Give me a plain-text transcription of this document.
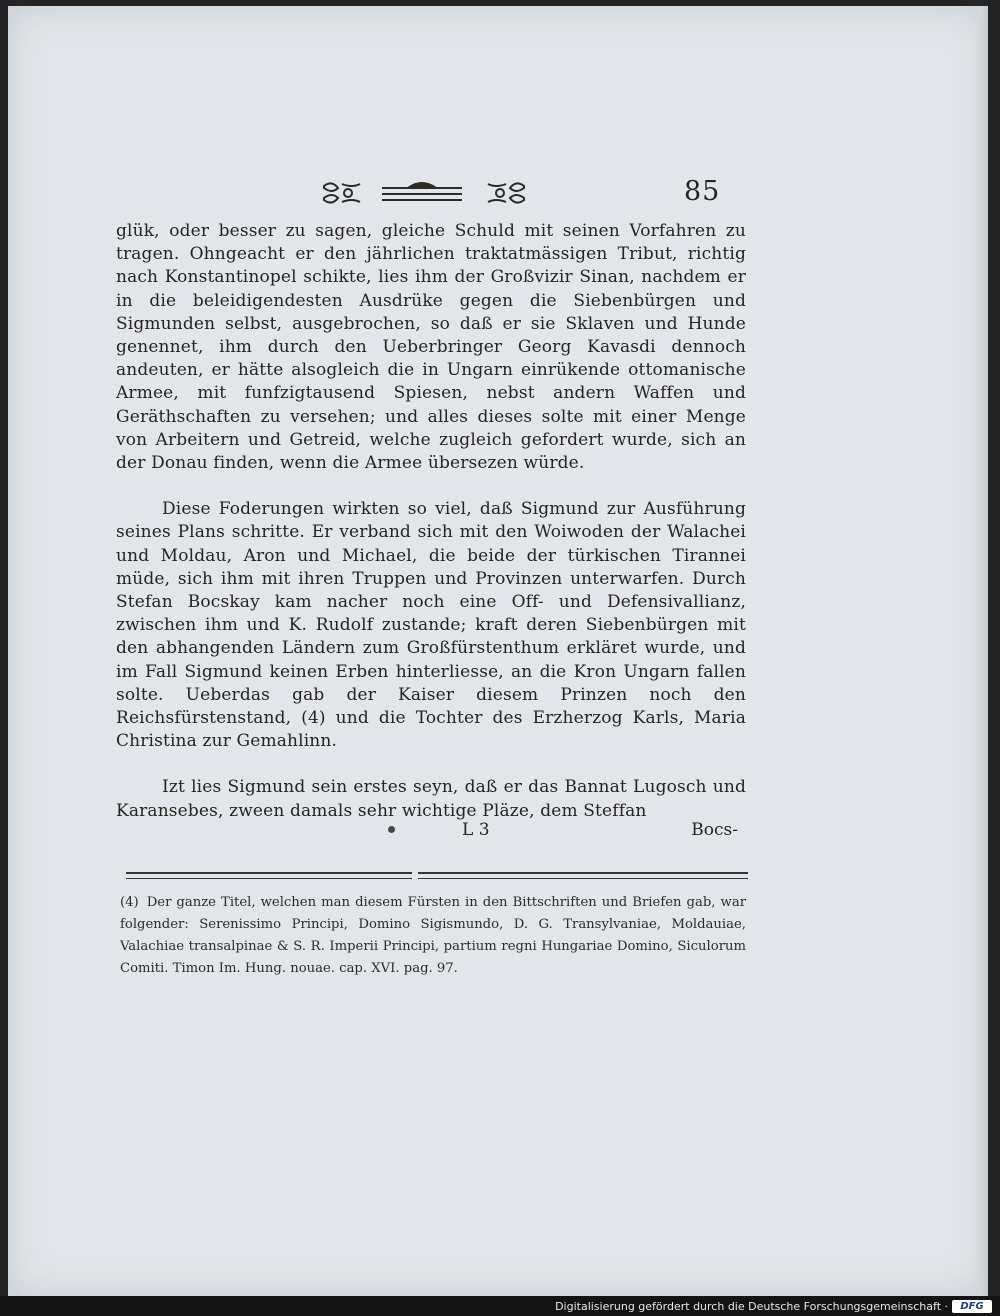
85

glük, oder besser zu sagen, gleiche Schuld mit seinen Vorfahren zu tragen. Ohngeacht er den jährlichen traktatmässigen Tribut, richtig nach Konstantinopel schikte, lies ihm der Großvizir Sinan, nachdem er in die beleidigendesten Ausdrüke gegen die Siebenbürgen und Sigmunden selbst, ausgebrochen, so daß er sie Sklaven und Hunde genennet, ihm durch den Ueberbringer Georg Kavasdi dennoch andeuten, er hätte alsogleich die in Ungarn einrükende ottomanische Armee, mit funfzigtausend Spiesen, nebst andern Waffen und Geräthschaften zu versehen; und alles dieses solte mit einer Menge von Arbeitern und Getreid, welche zugleich gefordert wurde, sich an der Donau finden, wenn die Armee übersezen würde.

Diese Foderungen wirkten so viel, daß Sigmund zur Ausführung seines Plans schritte. Er verband sich mit den Woiwoden der Walachei und Moldau, Aron und Michael, die beide der türkischen Tirannei müde, sich ihm mit ihren Truppen und Provinzen unterwarfen. Durch Stefan Bocskay kam nacher noch eine Off- und Defensivallianz, zwischen ihm und K. Rudolf zustande; kraft deren Siebenbürgen mit den abhangenden Ländern zum Großfürstenthum erkläret wurde, und im Fall Sigmund keinen Erben hinterliesse, an die Kron Ungarn fallen solte. Ueberdas gab der Kaiser diesem Prinzen noch den Reichsfürstenstand, (4) und die Tochter des Erzherzog Karls, Maria Christina zur Gemahlinn.

Izt lies Sigmund sein erstes seyn, daß er das Bannat Lugosch und Karansebes, zween damals sehr wichtige Pläze, dem Steffan

L 3	Bocs-
(4) Der ganze Titel, welchen man diesem Fürsten in den Bittschriften und Briefen gab, war folgender: Serenissimo Principi, Domino Sigismundo, D. G. Transylvaniae, Moldauiae, Valachiae transalpinae & S. R. Imperii Principi, partium regni Hungariae Domino, Siculorum Comiti. Timon Im. Hung. nouae. cap. XVI. pag. 97.
Digitalisierung gefördert durch die Deutsche Forschungsgemeinschaft ·	DFG
